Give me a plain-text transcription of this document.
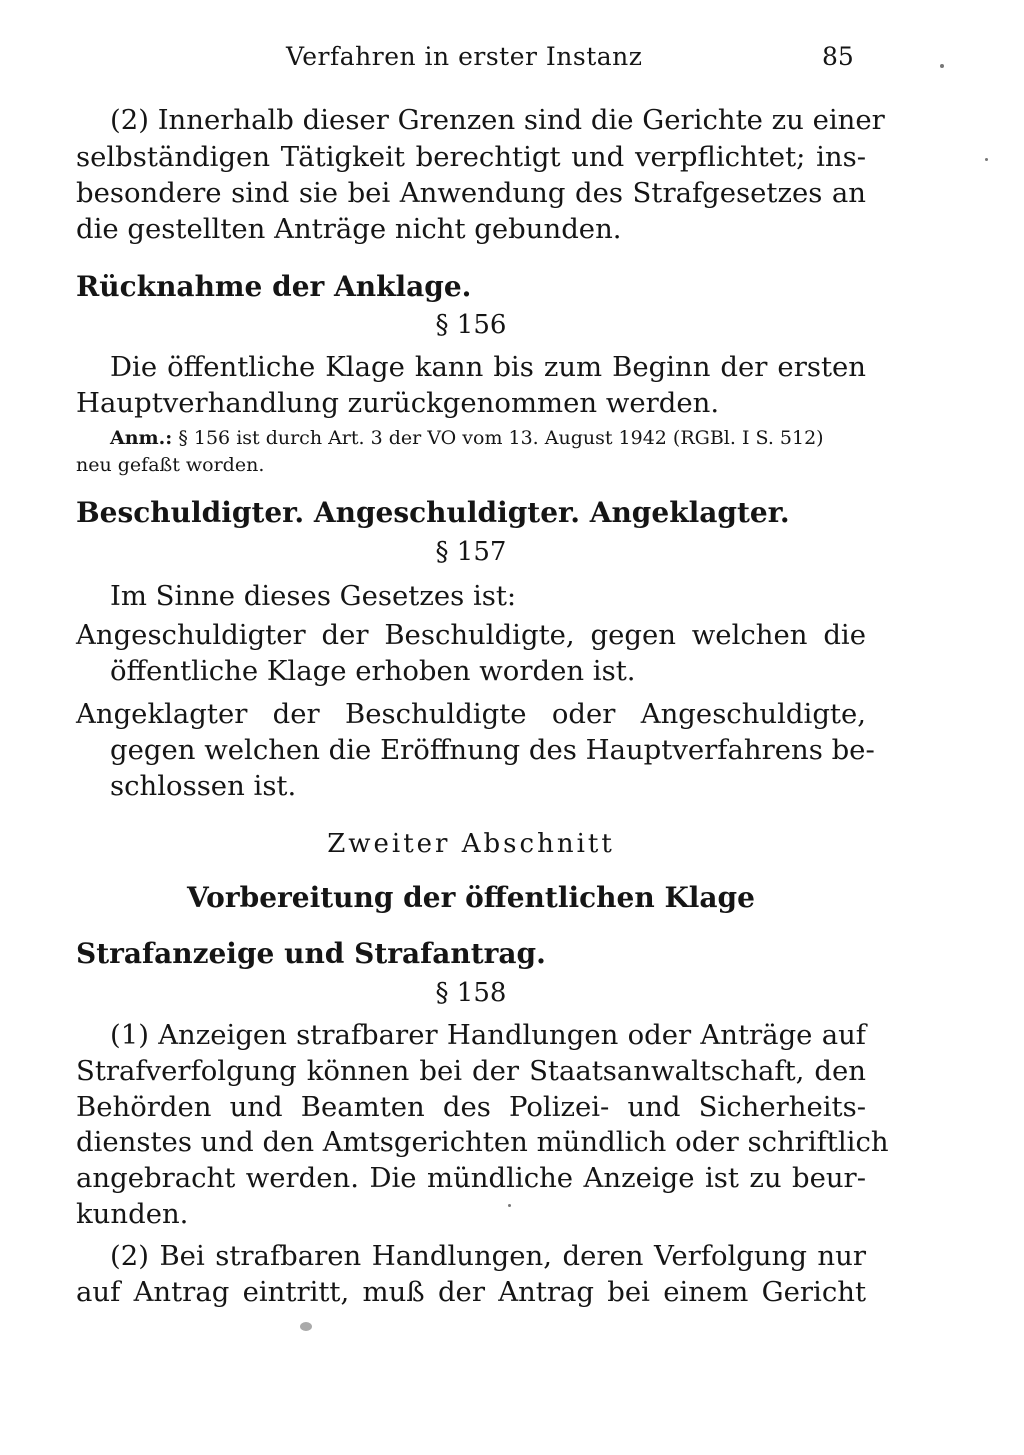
Verfahren in erster Instanz	85
(2) Innerhalb dieser Grenzen sind die Gerichte zu einer
selbständigen Tätigkeit berechtigt und verpflichtet; ins-
besondere sind sie bei Anwendung des Strafgesetzes an
die gestellten Anträge nicht gebunden.
Rücknahme der Anklage.
§ 156
Die öffentliche Klage kann bis zum Beginn der ersten
Hauptverhandlung zurückgenommen werden.
Anm.: § 156 ist durch Art. 3 der VO vom 13. August 1942 (RGBl. I S. 512)
neu gefaßt worden.
Beschuldigter. Angeschuldigter. Angeklagter.
§ 157
Im Sinne dieses Gesetzes ist:
Angeschuldigter der Beschuldigte, gegen welchen die
öffentliche Klage erhoben worden ist.
Angeklagter der Beschuldigte oder Angeschuldigte,
gegen welchen die Eröffnung des Hauptverfahrens be-
schlossen ist.
Zweiter Abschnitt
Vorbereitung der öffentlichen Klage
Strafanzeige und Strafantrag.
§ 158
(1) Anzeigen strafbarer Handlungen oder Anträge auf
Strafverfolgung können bei der Staatsanwaltschaft, den
Behörden und Beamten des Polizei- und Sicherheits-
dienstes und den Amtsgerichten mündlich oder schriftlich
angebracht werden. Die mündliche Anzeige ist zu beur-
kunden.
(2) Bei strafbaren Handlungen, deren Verfolgung nur
auf Antrag eintritt, muß der Antrag bei einem Gericht
